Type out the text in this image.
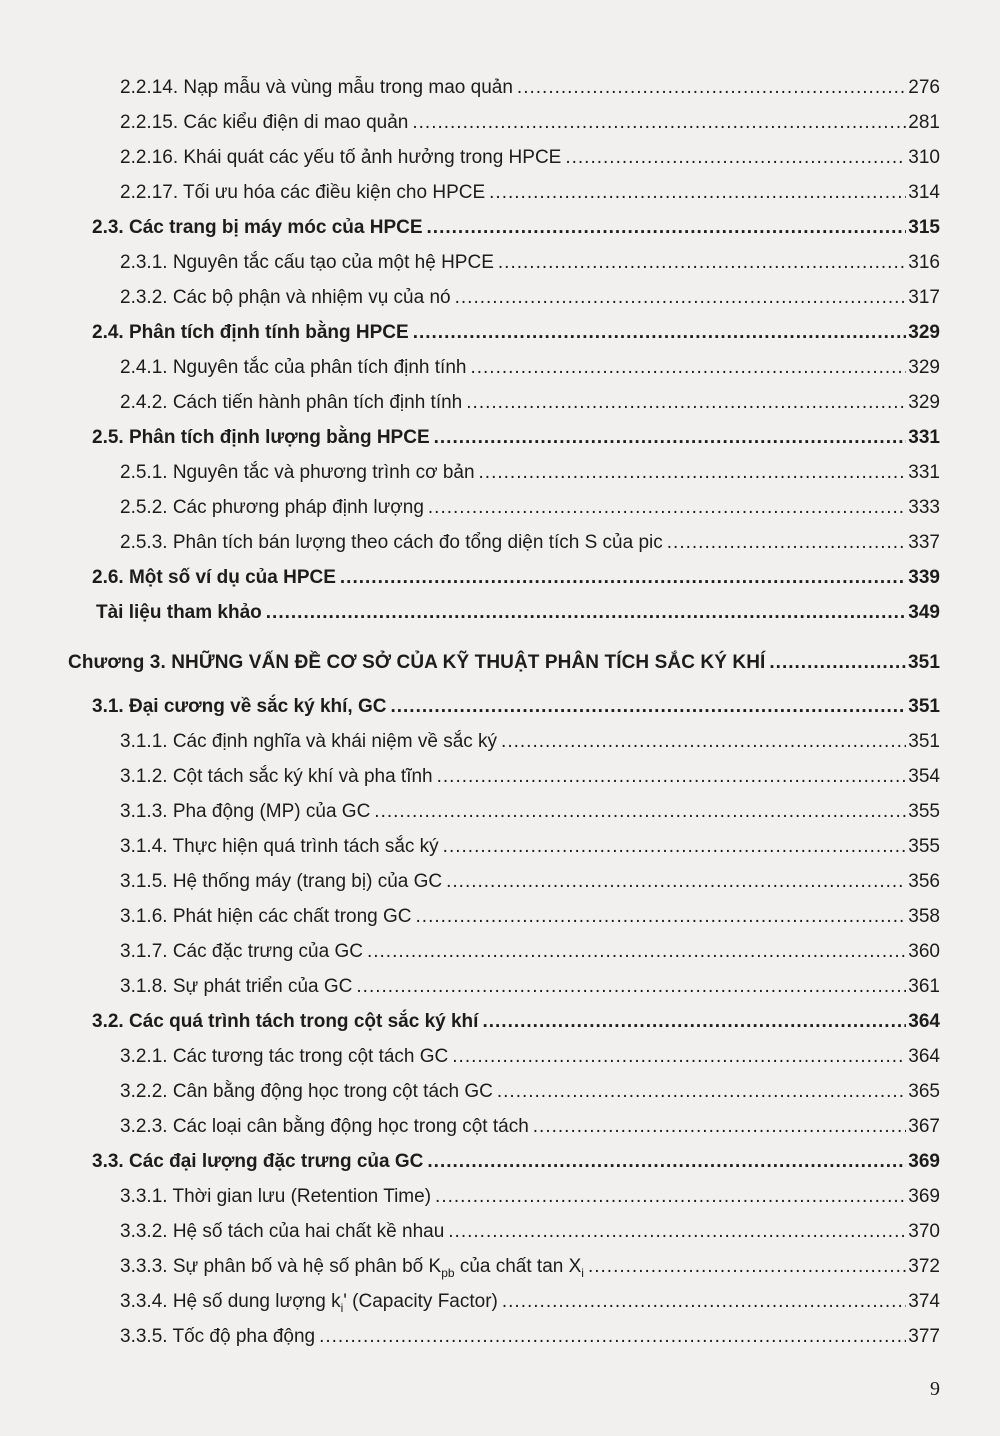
2.2.14. Nạp mẫu và vùng mẫu trong mao quản .....	276
2.2.15. Các kiểu điện di mao quản .....	281
2.2.16. Khái quát các yếu tố ảnh hưởng trong HPCE .....	310
2.2.17. Tối ưu hóa các điều kiện cho HPCE .....	314
2.3. Các trang bị máy móc của HPCE .....	315
2.3.1. Nguyên tắc cấu tạo của một hệ HPCE .....	316
2.3.2. Các bộ phận và nhiệm vụ của nó .....	317
2.4. Phân tích định tính bằng HPCE .....	329
2.4.1. Nguyên tắc của phân tích định tính .....	329
2.4.2. Cách tiến hành phân tích định tính .....	329
2.5. Phân tích định lượng bằng HPCE .....	331
2.5.1. Nguyên tắc và phương trình cơ bản .....	331
2.5.2. Các phương pháp định lượng .....	333
2.5.3. Phân tích bán lượng theo cách đo tổng diện tích S của pic .....	337
2.6. Một số ví dụ của HPCE .....	339
Tài liệu tham khảo .....	349
Chương 3. NHỮNG VẤN ĐỀ CƠ SỞ CỦA KỸ THUẬT PHÂN TÍCH SẮC KÝ KHÍ .....	351
3.1. Đại cương về sắc ký khí, GC .....	351
3.1.1. Các định nghĩa và khái niệm về sắc ký .....	351
3.1.2. Cột tách sắc ký khí và pha tĩnh .....	354
3.1.3. Pha động (MP) của GC .....	355
3.1.4. Thực hiện quá trình tách sắc ký .....	355
3.1.5. Hệ thống máy (trang bị) của GC .....	356
3.1.6. Phát hiện các chất trong GC .....	358
3.1.7. Các đặc trưng của GC .....	360
3.1.8. Sự phát triển của GC .....	361
3.2. Các quá trình tách trong cột sắc ký khí .....	364
3.2.1. Các tương tác trong cột tách GC .....	364
3.2.2. Cân bằng động học trong cột tách GC .....	365
3.2.3. Các loại cân bằng động học trong cột tách .....	367
3.3. Các đại lượng đặc trưng của GC .....	369
3.3.1. Thời gian lưu (Retention Time) .....	369
3.3.2. Hệ số tách của hai chất kề nhau .....	370
3.3.3. Sự phân bố và hệ số phân bố $K_{pb}$ của chất $\tan X_i$ .....	372
3.3.4. Hệ số dung lượng $k_i'$ (Capacity Factor) .....	374
3.3.5. Tốc độ pha động .....	377
9
